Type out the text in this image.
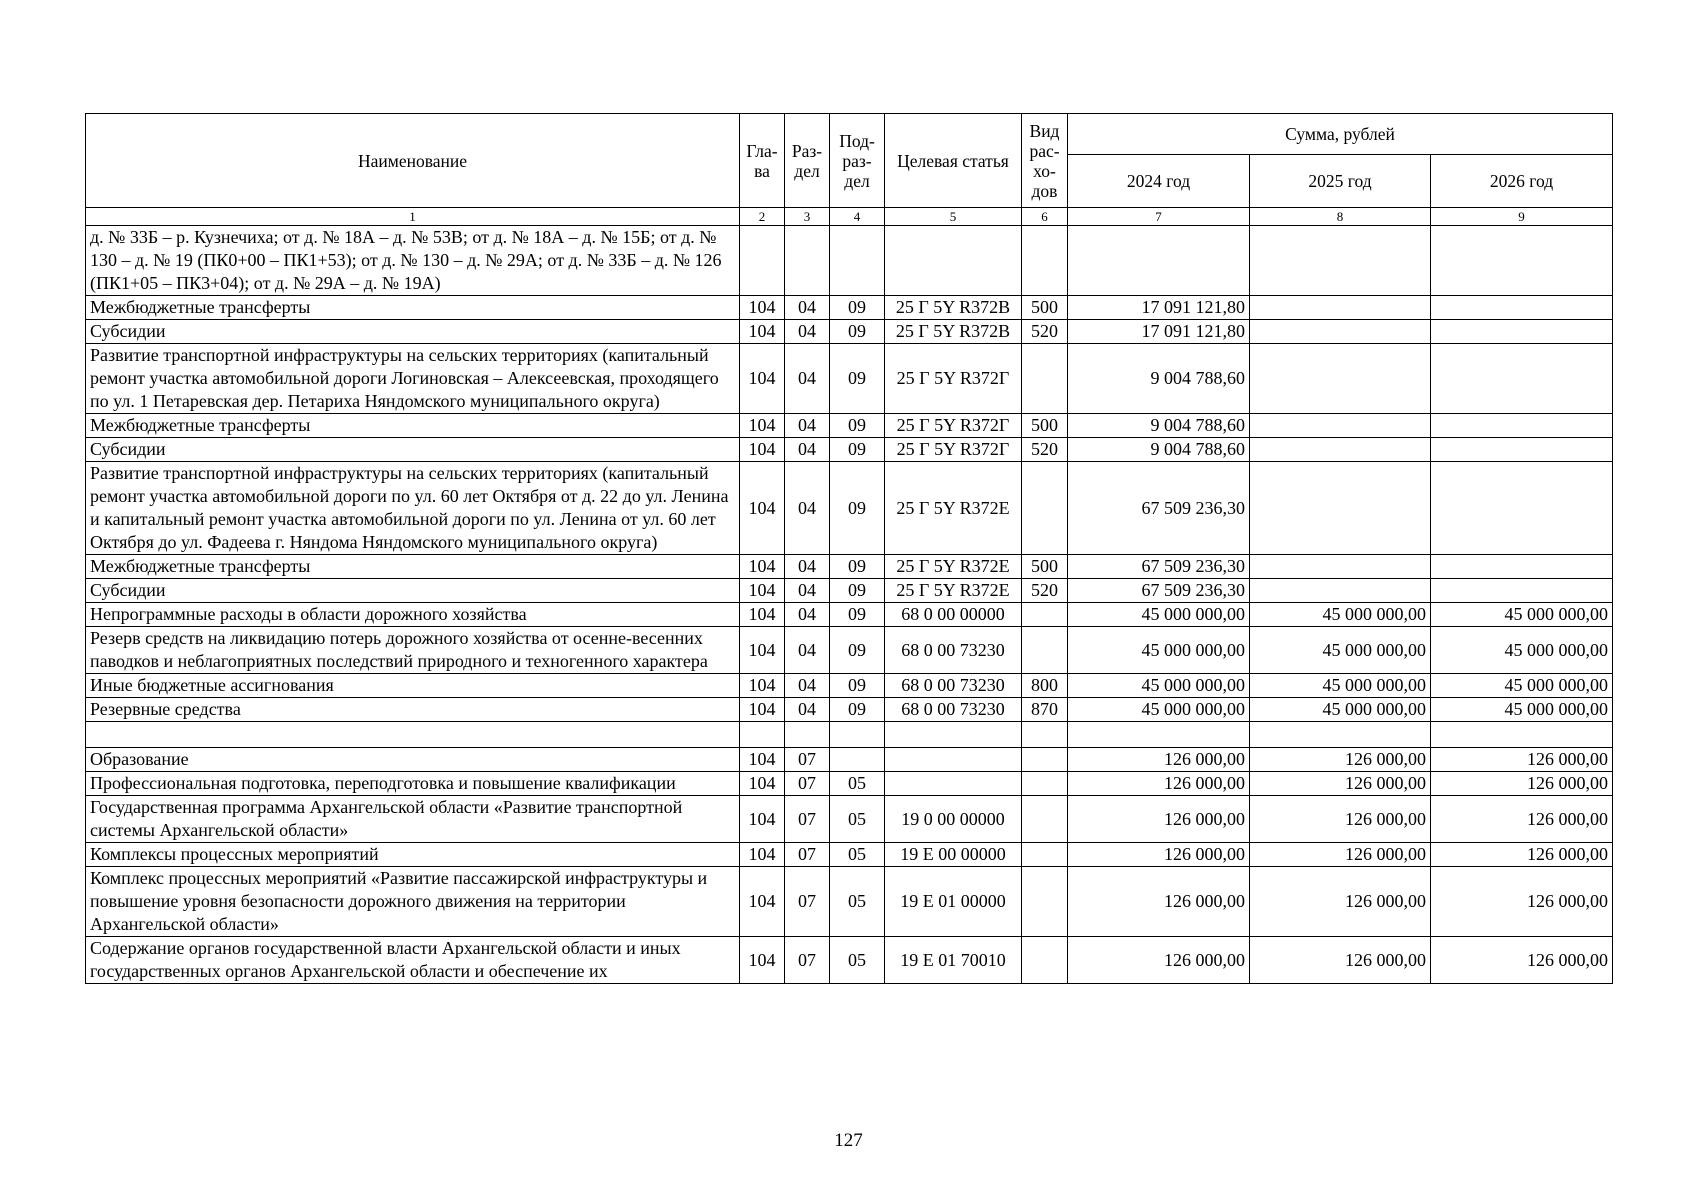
Наименование	Гла-ва	Раз-дел	Под-раз-дел	Целевая статья	Вид рас-хо-дов	Сумма, рублей		
						2024 год	2025 год	2026 год
1	2	3	4	5	6	7	8	9
д. № 33Б – р. Кузнечиха; от д. № 18А – д. № 53В; от д. № 18А – д. № 15Б; от д. № 130 – д. № 19 (ПК0+00 – ПК1+53); от д. № 130 – д. № 29А; от д. № 33Б – д. № 126 (ПК1+05 – ПК3+04); от д. № 29А – д. № 19А)								
Межбюджетные трансферты	104	04	09	25 Г 5Y R372В	500	17 091 121,80		
Субсидии	104	04	09	25 Г 5Y R372В	520	17 091 121,80		
Развитие транспортной инфраструктуры на сельских территориях (капитальный ремонт участка автомобильной дороги Логиновская – Алексеевская, проходящего по ул. 1 Петаревская дер. Петариха Няндомского муниципального округа)	104	04	09	25 Г 5Y R372Г		9 004 788,60		
Межбюджетные трансферты	104	04	09	25 Г 5Y R372Г	500	9 004 788,60		
Субсидии	104	04	09	25 Г 5Y R372Г	520	9 004 788,60		
Развитие транспортной инфраструктуры на сельских территориях (капитальный ремонт участка автомобильной дороги по ул. 60 лет Октября от д. 22 до ул. Ленина и капитальный ремонт участка автомобильной дороги по ул. Ленина от ул. 60 лет Октября до ул. Фадеева г. Няндома Няндомского муниципального округа)	104	04	09	25 Г 5Y R372Е		67 509 236,30		
Межбюджетные трансферты	104	04	09	25 Г 5Y R372Е	500	67 509 236,30		
Субсидии	104	04	09	25 Г 5Y R372Е	520	67 509 236,30		
Непрограммные расходы в области дорожного хозяйства	104	04	09	68 0 00 00000		45 000 000,00	45 000 000,00	45 000 000,00
Резерв средств на ликвидацию потерь дорожного хозяйства от осенне-весенних паводков и неблагоприятных последствий природного и техногенного характера	104	04	09	68 0 00 73230		45 000 000,00	45 000 000,00	45 000 000,00
Иные бюджетные ассигнования	104	04	09	68 0 00 73230	800	45 000 000,00	45 000 000,00	45 000 000,00
Резервные средства	104	04	09	68 0 00 73230	870	45 000 000,00	45 000 000,00	45 000 000,00

Образование	104	07				126 000,00	126 000,00	126 000,00
Профессиональная подготовка, переподготовка и повышение квалификации	104	07	05			126 000,00	126 000,00	126 000,00
Государственная программа Архангельской области «Развитие транспортной системы Архангельской области»	104	07	05	19 0 00 00000		126 000,00	126 000,00	126 000,00
Комплексы процессных мероприятий	104	07	05	19 Е 00 00000		126 000,00	126 000,00	126 000,00
Комплекс процессных мероприятий «Развитие пассажирской инфраструктуры и повышение уровня безопасности дорожного движения на территории Архангельской области»	104	07	05	19 Е 01 00000		126 000,00	126 000,00	126 000,00
Содержание органов государственной власти Архангельской области и иных государственных органов Архангельской области и обеспечение их	104	07	05	19 Е 01 70010		126 000,00	126 000,00	126 000,00
127
